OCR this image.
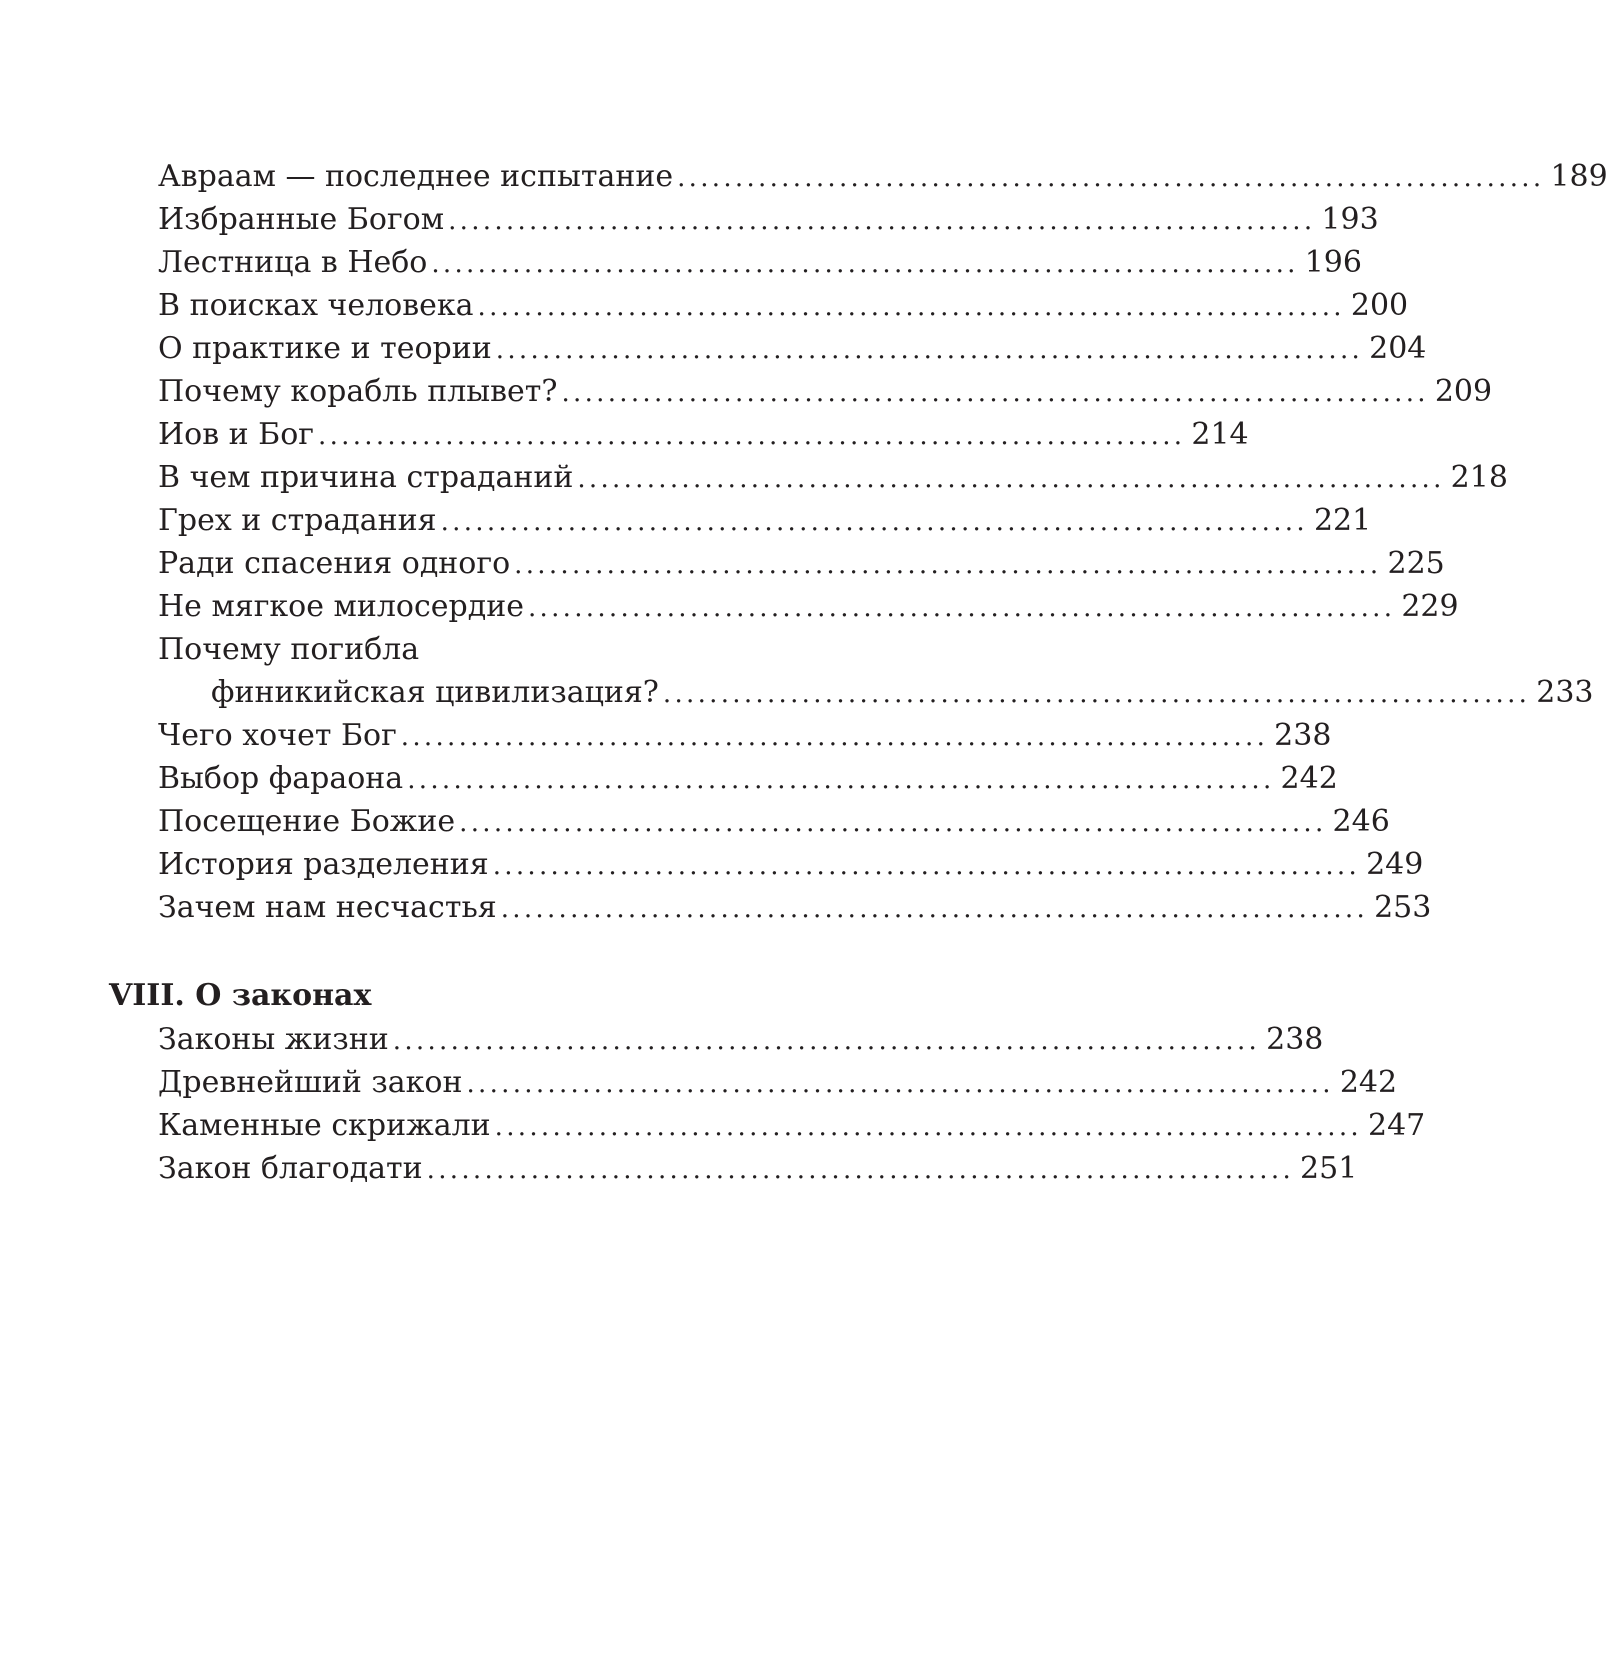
Авраам — последнее испытание ........................................................................... 189
Избранные Богом ........................................................................... 193
Лестница в Небо ........................................................................... 196
В поисках человека ........................................................................... 200
О практике и теории ........................................................................... 204
Почему корабль плывет? ........................................................................... 209
Иов и Бог ........................................................................... 214
В чем причина страданий ........................................................................... 218
Грех и страдания ........................................................................... 221
Ради спасения одного ........................................................................... 225
Не мягкое милосердие ........................................................................... 229
Почему погибла
финикийская цивилизация? ........................................................................... 233
Чего хочет Бог ........................................................................... 238
Выбор фараона ........................................................................... 242
Посещение Божие ........................................................................... 246
История разделения ........................................................................... 249
Зачем нам несчастья ........................................................................... 253
VIII. О законах
Законы жизни ........................................................................... 238
Древнейший закон ........................................................................... 242
Каменные скрижали ........................................................................... 247
Закон благодати ........................................................................... 251
